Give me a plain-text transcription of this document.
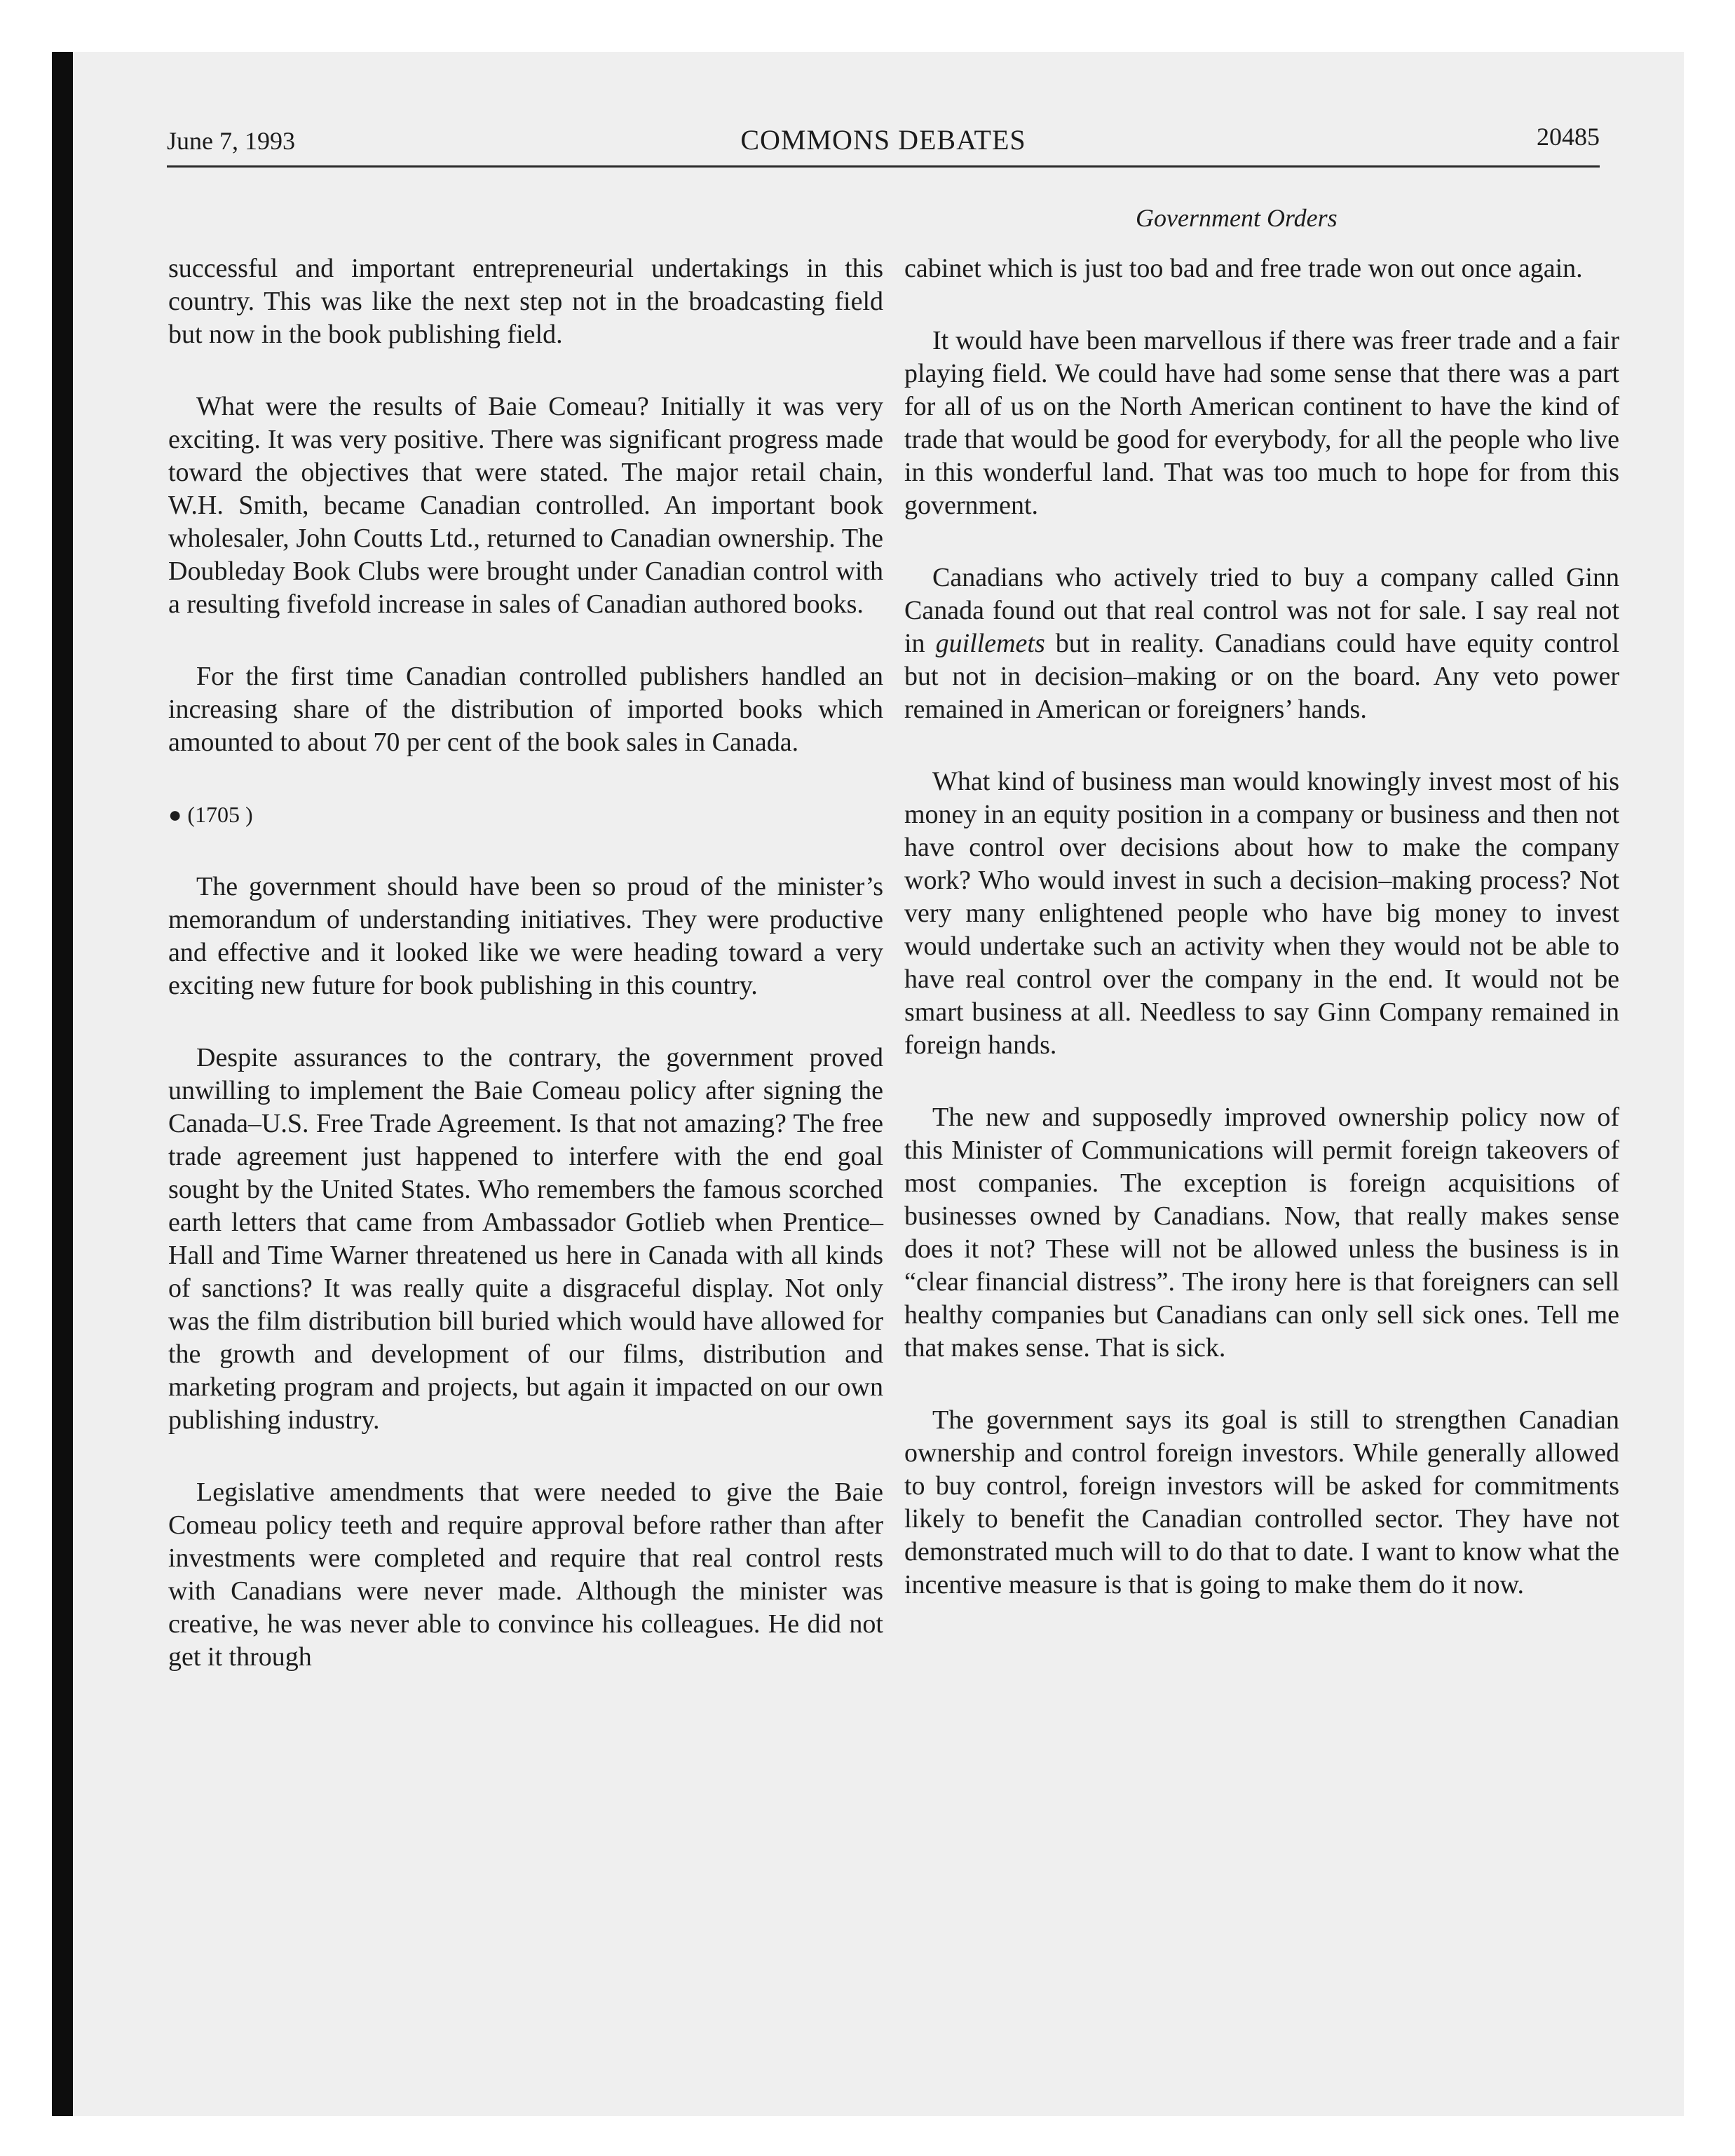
June 7, 1993	COMMONS DEBATES	20485
Government Orders

successful and important entrepreneurial undertakings in this country. This was like the next step not in the broadcasting field but now in the book publishing field.

What were the results of Baie Comeau? Initially it was very exciting. It was very positive. There was significant progress made toward the objectives that were stated. The major retail chain, W.H. Smith, became Canadian controlled. An important book wholesaler, John Coutts Ltd., returned to Canadian ownership. The Doubleday Book Clubs were brought under Canadian control with a resulting fivefold increase in sales of Canadian authored books.

For the first time Canadian controlled publishers handled an increasing share of the distribution of imported books which amounted to about 70 per cent of the book sales in Canada.

● (1705 )

The government should have been so proud of the minister’s memorandum of understanding initiatives. They were productive and effective and it looked like we were heading toward a very exciting new future for book publishing in this country.

Despite assurances to the contrary, the government proved unwilling to implement the Baie Comeau policy after signing the Canada–U.S. Free Trade Agreement. Is that not amazing? The free trade agreement just happened to interfere with the end goal sought by the United States. Who remembers the famous scorched earth letters that came from Ambassador Gotlieb when Prentice–Hall and Time Warner threatened us here in Canada with all kinds of sanctions? It was really quite a disgraceful display. Not only was the film distribution bill buried which would have allowed for the growth and development of our films, distribution and marketing program and projects, but again it impacted on our own publishing industry.

Legislative amendments that were needed to give the Baie Comeau policy teeth and require approval before rather than after investments were completed and require that real control rests with Canadians were never made. Although the minister was creative, he was never able to convince his colleagues. He did not get it through

cabinet which is just too bad and free trade won out once again.

It would have been marvellous if there was freer trade and a fair playing field. We could have had some sense that there was a part for all of us on the North American continent to have the kind of trade that would be good for everybody, for all the people who live in this wonderful land. That was too much to hope for from this government.

Canadians who actively tried to buy a company called Ginn Canada found out that real control was not for sale. I say real not in guillemets but in reality. Canadians could have equity control but not in decision–making or on the board. Any veto power remained in American or foreigners’ hands.

What kind of business man would knowingly invest most of his money in an equity position in a company or business and then not have control over decisions about how to make the company work? Who would invest in such a decision–making process? Not very many enlightened people who have big money to invest would undertake such an activity when they would not be able to have real control over the company in the end. It would not be smart business at all. Needless to say Ginn Company remained in foreign hands.

The new and supposedly improved ownership policy now of this Minister of Communications will permit foreign takeovers of most companies. The exception is foreign acquisitions of businesses owned by Canadians. Now, that really makes sense does it not? These will not be allowed unless the business is in “clear financial distress”. The irony here is that foreigners can sell healthy companies but Canadians can only sell sick ones. Tell me that makes sense. That is sick.

The government says its goal is still to strengthen Canadian ownership and control foreign investors. While generally allowed to buy control, foreign investors will be asked for commitments likely to benefit the Canadian controlled sector. They have not demonstrated much will to do that to date. I want to know what the incentive measure is that is going to make them do it now.
